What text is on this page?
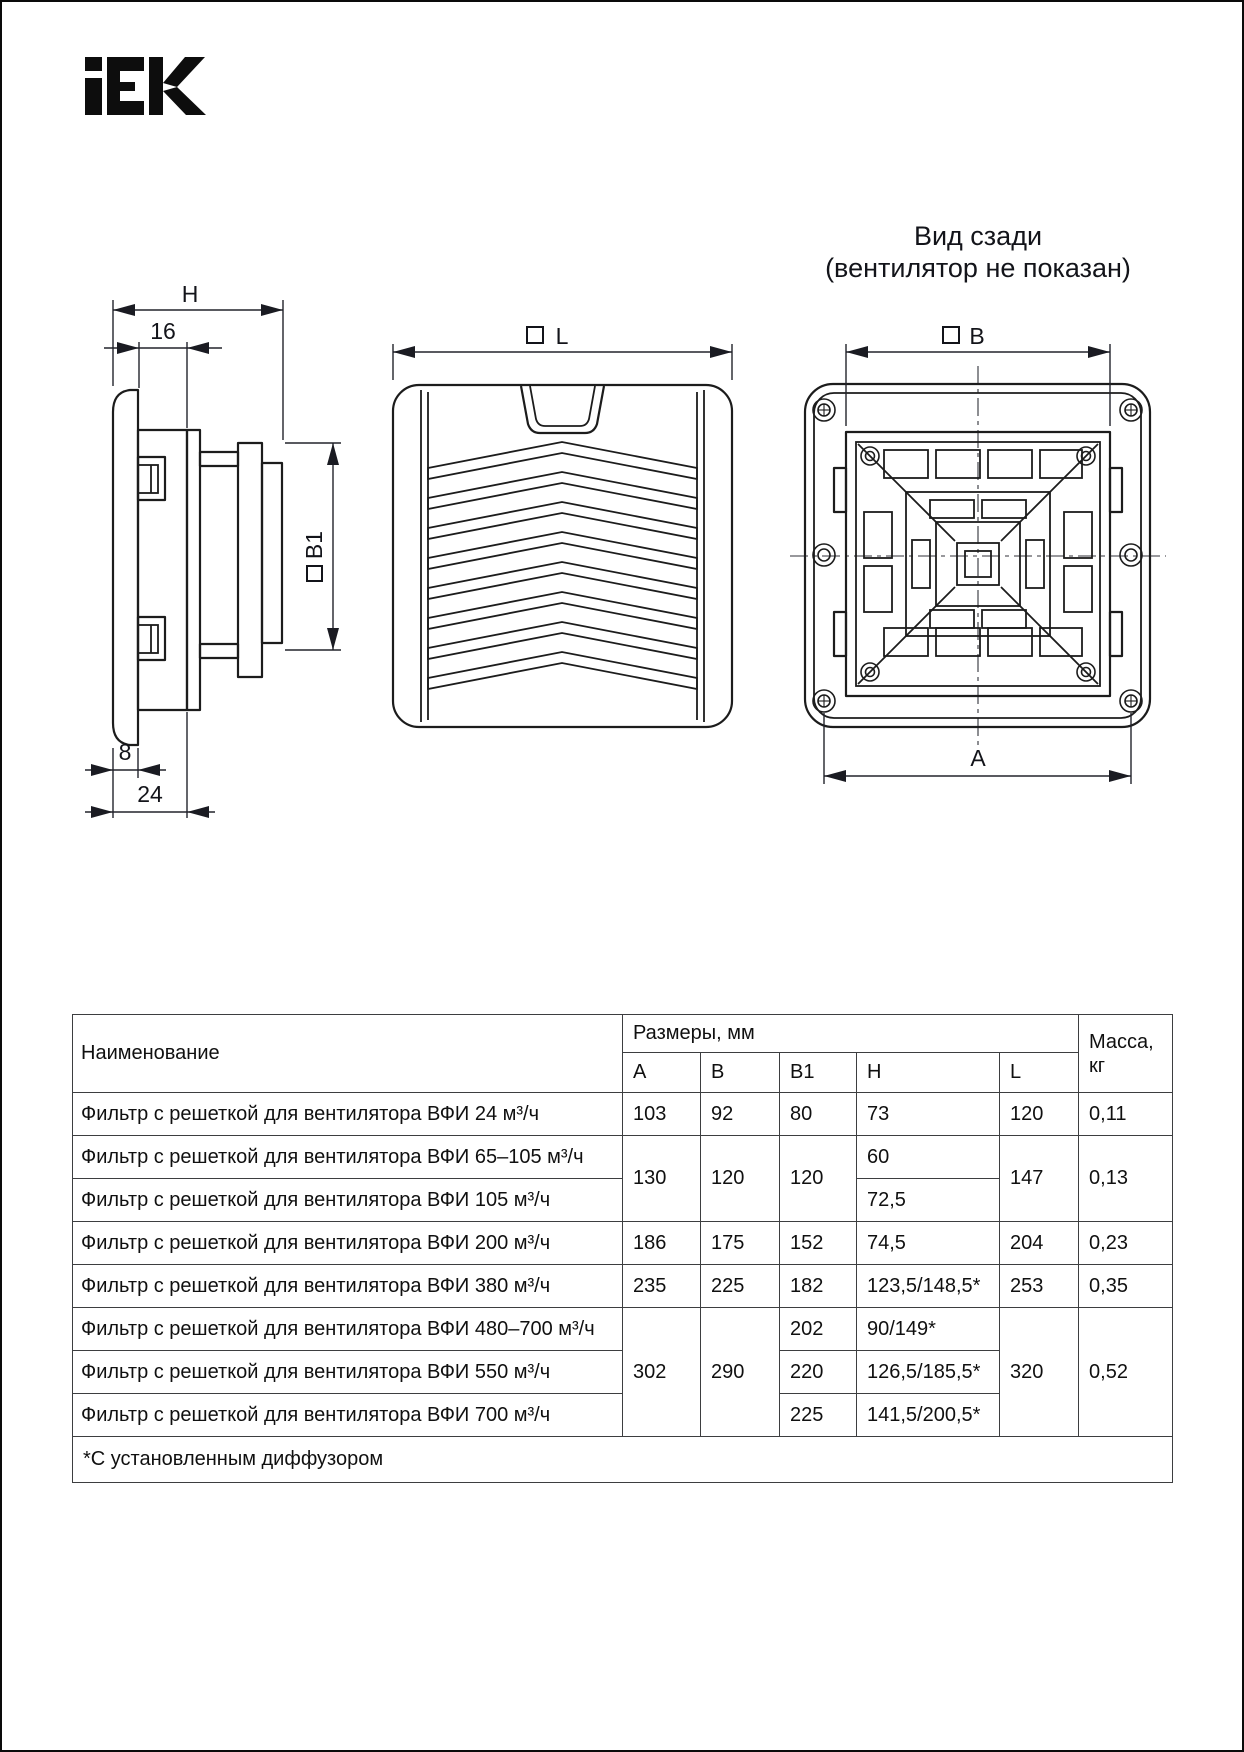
H
16
B1
8
24
L
Вид сзади
(вентилятор не показан)
B
A
Наименование	Размеры, мм					Масса,
кг

	A	B	B1	H	L	
Фильтр с решеткой для вентилятора ВФИ 24 м³/ч	103	92	80	73	120	0,11
Фильтр с решеткой для вентилятора ВФИ 65–105 м³/ч	130	120	120	60	147	0,13
Фильтр с решеткой для вентилятора ВФИ 105 м³/ч				72,5		
Фильтр с решеткой для вентилятора ВФИ 200 м³/ч	186	175	152	74,5	204	0,23
Фильтр с решеткой для вентилятора ВФИ 380 м³/ч	235	225	182	123,5/148,5*	253	0,35
Фильтр с решеткой для вентилятора ВФИ 480–700 м³/ч	302	290	202	90/149*	320	0,52
Фильтр с решеткой для вентилятора ВФИ 550 м³/ч			220	126,5/185,5*		
Фильтр с решеткой для вентилятора ВФИ 700 м³/ч			225	141,5/200,5*		
*С установленным диффузором						
